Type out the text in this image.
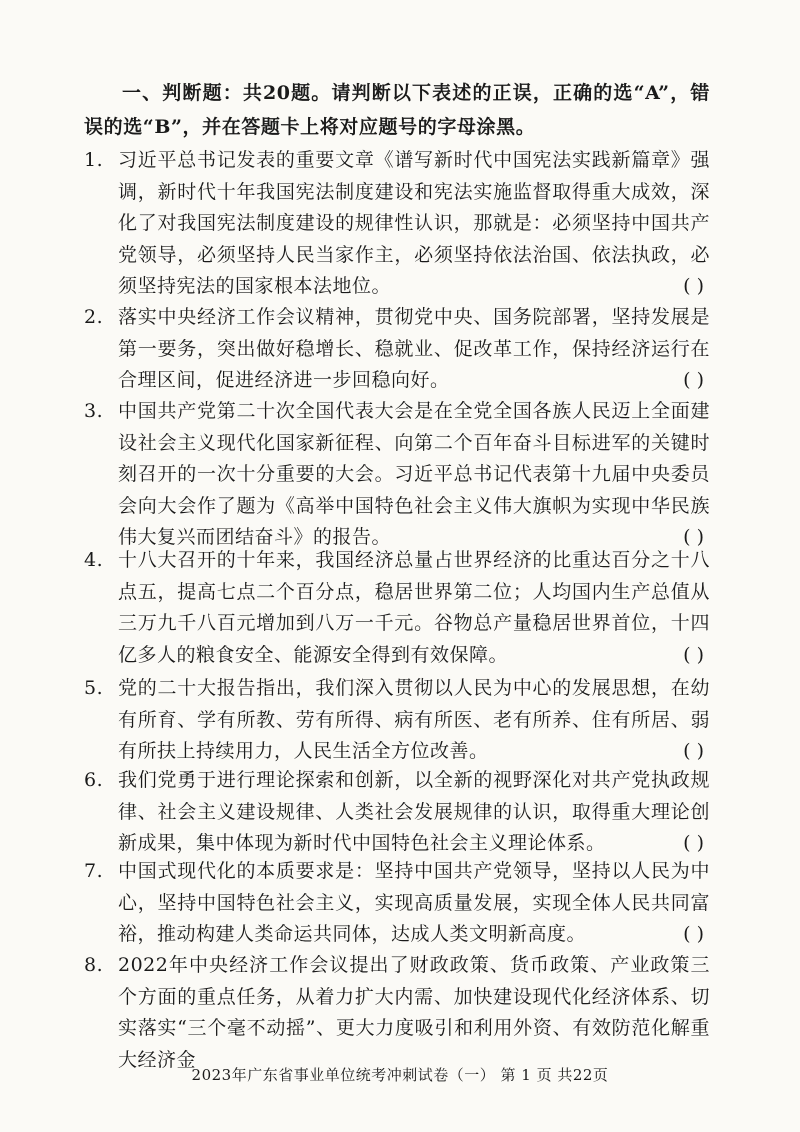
一、判断题：共20题。请判断以下表述的正误，正确的选“A”，错误的选“B”，并在答题卡上将对应题号的字母涂黑。
1. 习近平总书记发表的重要文章《谱写新时代中国宪法实践新篇章》强调，新时代十年我国宪法制度建设和宪法实施监督取得重大成效，深化了对我国宪法制度建设的规律性认识，那就是：必须坚持中国共产党领导，必须坚持人民当家作主，必须坚持依法治国、依法执政，必须坚持宪法的国家根本法地位。	( )
2. 落实中央经济工作会议精神，贯彻党中央、国务院部署，坚持发展是第一要务，突出做好稳增长、稳就业、促改革工作，保持经济运行在合理区间，促进经济进一步回稳向好。	( )
3. 中国共产党第二十次全国代表大会是在全党全国各族人民迈上全面建设社会主义现代化国家新征程、向第二个百年奋斗目标进军的关键时刻召开的一次十分重要的大会。习近平总书记代表第十九届中央委员会向大会作了题为《高举中国特色社会主义伟大旗帜为实现中华民族伟大复兴而团结奋斗》的报告。	( )
4. 十八大召开的十年来，我国经济总量占世界经济的比重达百分之十八点五，提高七点二个百分点，稳居世界第二位；人均国内生产总值从三万九千八百元增加到八万一千元。谷物总产量稳居世界首位，十四亿多人的粮食安全、能源安全得到有效保障。	( )
5. 党的二十大报告指出，我们深入贯彻以人民为中心的发展思想，在幼有所育、学有所教、劳有所得、病有所医、老有所养、住有所居、弱有所扶上持续用力，人民生活全方位改善。	( )
6. 我们党勇于进行理论探索和创新，以全新的视野深化对共产党执政规律、社会主义建设规律、人类社会发展规律的认识，取得重大理论创新成果，集中体现为新时代中国特色社会主义理论体系。	( )
7. 中国式现代化的本质要求是：坚持中国共产党领导，坚持以人民为中心，坚持中国特色社会主义，实现高质量发展，实现全体人民共同富裕，推动构建人类命运共同体，达成人类文明新高度。	( )
8. 2022年中央经济工作会议提出了财政政策、货币政策、产业政策三个方面的重点任务，从着力扩大内需、加快建设现代化经济体系、切实落实“三个毫不动摇”、更大力度吸引和利用外资、有效防范化解重大经济金
2023年广东省事业单位统考冲刺试卷（一） 第 1 页 共22页
